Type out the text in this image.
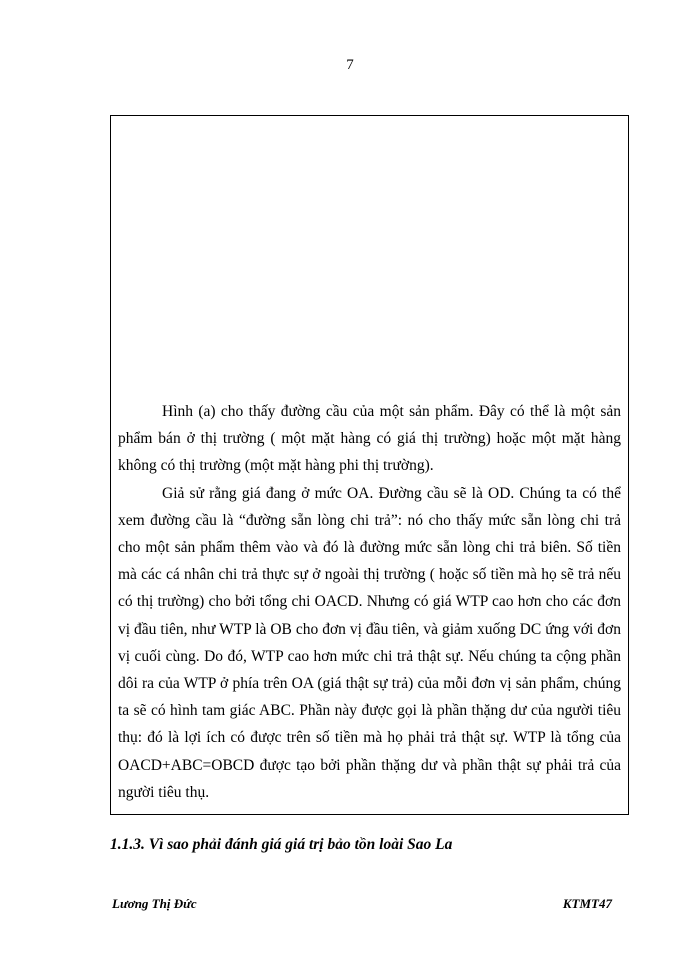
7

Hình (a) cho thấy đường cầu của một sản phẩm. Đây có thể là một sản phẩm bán ở thị trường ( một mặt hàng có giá thị trường) hoặc một mặt hàng không có thị trường (một mặt hàng phi thị trường).

Giả sử rằng giá đang ở mức OA. Đường cầu sẽ là OD. Chúng ta có thể xem đường cầu là “đường sẵn lòng chi trả”: nó cho thấy mức sẵn lòng chi trả cho một sản phẩm thêm vào và đó là đường mức sẵn lòng chi trả biên. Số tiền mà các cá nhân chi trả thực sự ở ngoài thị trường ( hoặc số tiền mà họ sẽ trả nếu có thị trường) cho bởi tổng chi OACD. Nhưng có giá WTP cao hơn cho các đơn vị đầu tiên, như WTP là OB cho đơn vị đầu tiên, và giảm xuống DC ứng với đơn vị cuối cùng. Do đó, WTP cao hơn mức chi trả thật sự. Nếu chúng ta cộng phần dôi ra của WTP ở phía trên OA (giá thật sự trả) của mỗi đơn vị sản phẩm, chúng ta sẽ có hình tam giác ABC. Phần này được gọi là phần thặng dư của người tiêu thụ: đó là lợi ích có được trên số tiền mà họ phải trả thật sự. WTP là tổng của OACD+ABC=OBCD được tạo bởi phần thặng dư và phần thật sự phải trả của người tiêu thụ.

1.1.3. Vì sao phải đánh giá giá trị bảo tồn loài Sao La
Lương Thị Đức	KTMT47
